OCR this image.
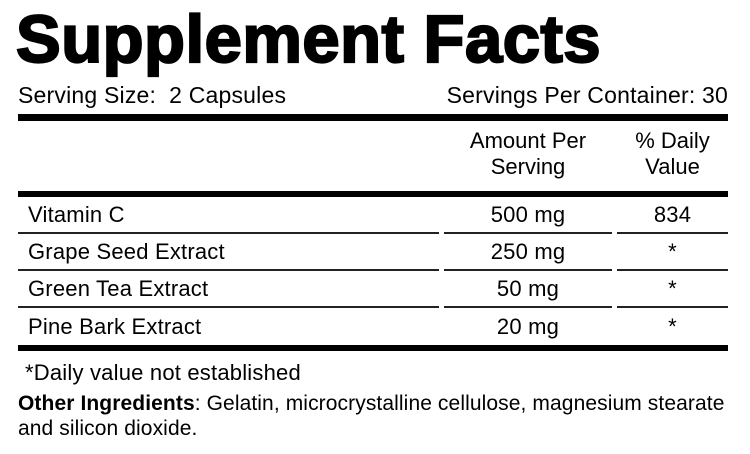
Supplement Facts
Serving Size: 2 Capsules	Servings Per Container: 30
Amount Per
Serving
% Daily
Value
Vitamin C	500 mg	834
Grape Seed Extract	250 mg	*
Green Tea Extract	50 mg	*
Pine Bark Extract	20 mg	*
*Daily value not established
Other Ingredients: Gelatin, microcrystalline cellulose, magnesium stearate
and silicon dioxide.
